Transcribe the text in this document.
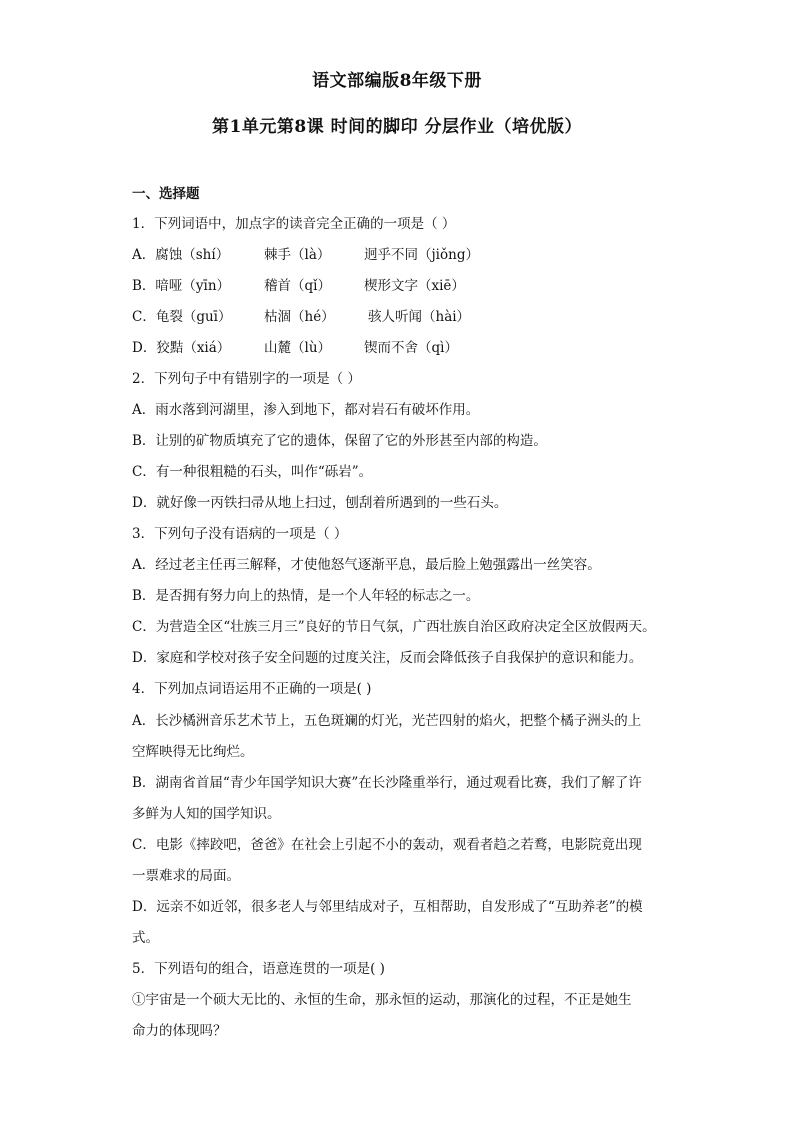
语文部编版8年级下册
第1单元第8课 时间的脚印 分层作业（培优版）
一、选择题
1．下列词语中，加点字的读音完全正确的一项是（ ）
A．腐蚀（shí）	棘手（là） 迥乎不同（jiǒng）
B．喑哑（yīn）	稽首（qǐ） 楔形文字（xiē）
C．龟裂（guī） 枯涸（hé） 骇人听闻（hài）
D．狡黠（xiá） 山麓（lù） 锲而不舍（qì）
2．下列句子中有错别字的一项是（ ）
A．雨水落到河湖里，渗入到地下，都对岩石有破坏作用。
B．让别的矿物质填充了它的遗体，保留了它的外形甚至内部的构造。
C．有一种很粗糙的石头，叫作“砾岩”。
D．就好像一丙铁扫帚从地上扫过，刨刮着所遇到的一些石头。
3．下列句子没有语病的一项是（ ）
A．经过老主任再三解释，才使他怒气逐渐平息，最后脸上勉强露出一丝笑容。
B．是否拥有努力向上的热情，是一个人年轻的标志之一。
C．为营造全区“壮族三月三”良好的节日气氛，广西壮族自治区政府决定全区放假两天。
D．家庭和学校对孩子安全问题的过度关注，反而会降低孩子自我保护的意识和能力。
4．下列加点词语运用不正确的一项是( )
A．长沙橘洲音乐艺术节上，五色斑斓的灯光，光芒四射的焰火，把整个橘子洲头的上
空辉映得无比绚烂。
B．湖南省首届“青少年国学知识大赛”在长沙隆重举行，通过观看比赛，我们了解了许
多鲜为人知的国学知识。
C．电影《摔跤吧，爸爸》在社会上引起不小的轰动，观看者趋之若鹜，电影院竟出现
一票难求的局面。
D．远亲不如近邻，很多老人与邻里结成对子，互相帮助，自发形成了“互助养老”的模
式。
5．下列语句的组合，语意连贯的一项是( )
①宇宙是一个硕大无比的、永恒的生命，那永恒的运动，那演化的过程，不正是她生
命力的体现吗？
